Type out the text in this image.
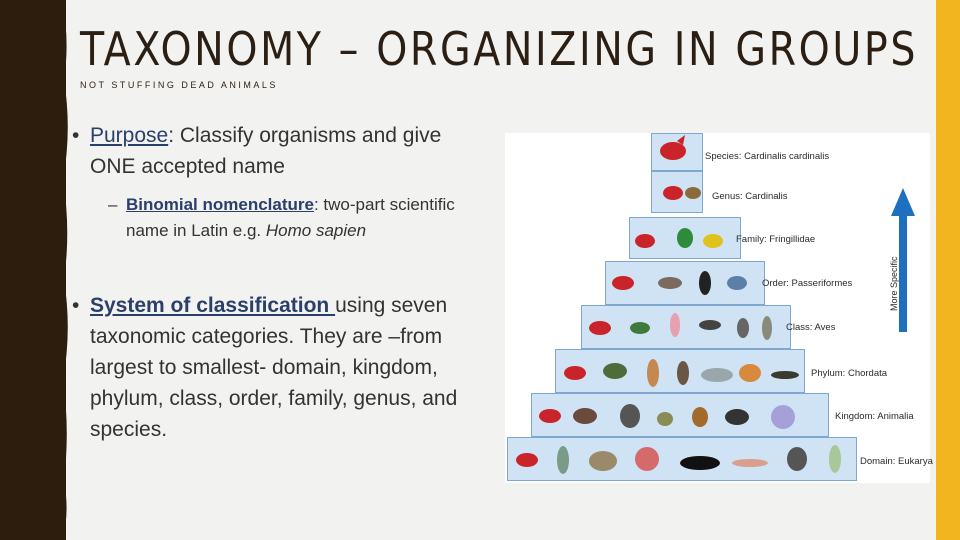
TAXONOMY – ORGANIZING IN GROUPS
NOT STUFFING DEAD ANIMALS
• Purpose: Classify organisms and give ONE accepted name
– Binomial nomenclature: two-part scientific name in Latin e.g. Homo sapien
• System of classification using seven taxonomic categories. They are –from largest to smallest- domain, kingdom, phylum, class, order, family, genus, and species.
Species: Cardinalis cardinalis
Genus: Cardinalis
Family: Fringillidae
Order: Passeriformes
Class: Aves
Phylum: Chordata
Kingdom: Animalia
Domain: Eukarya
More Specific
